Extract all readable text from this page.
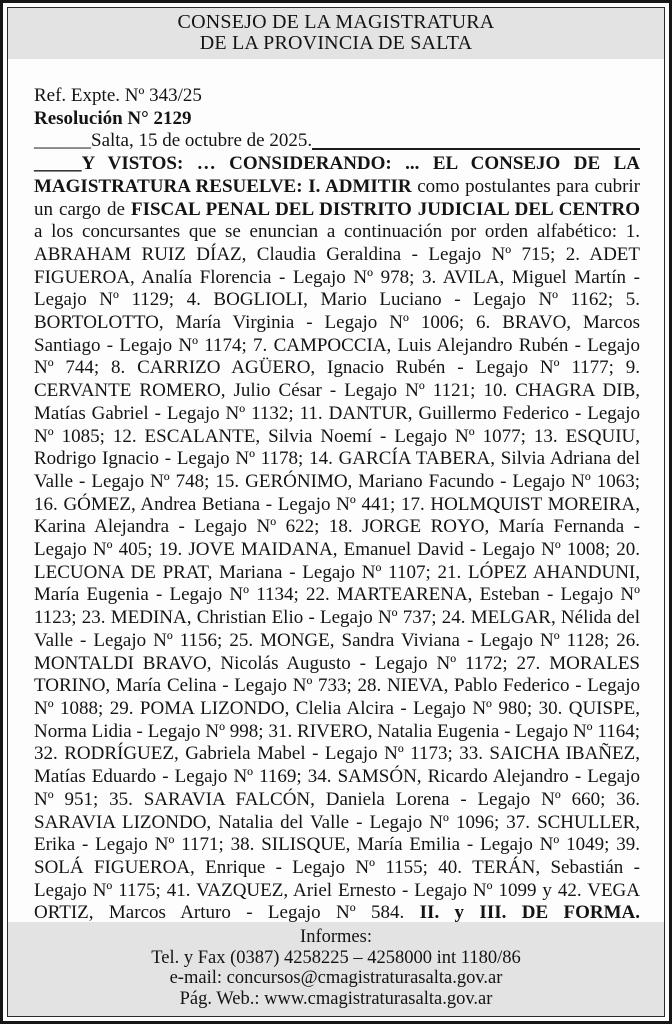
CONSEJO DE LA MAGISTRATURA
DE LA PROVINCIA DE SALTA
Ref. Expte. Nº 343/25
Resolución N° 2129
______ Salta, 15 de octubre de 2025.

_____Y VISTOS: … CONSIDERANDO: ... EL CONSEJO DE LA MAGISTRATURA RESUELVE: I. ADMITIR como postulantes para cubrir un cargo de FISCAL PENAL DEL DISTRITO JUDICIAL DEL CENTRO a los concursantes que se enuncian a continuación por orden alfabético: 1. ABRAHAM RUIZ DÍAZ, Claudia Geraldina - Legajo Nº 715; 2. ADET FIGUEROA, Analía Florencia - Legajo Nº 978; 3. AVILA, Miguel Martín - Legajo Nº 1129; 4. BOGLIOLI, Mario Luciano - Legajo Nº 1162; 5. BORTOLOTTO, María Virginia - Legajo Nº 1006; 6. BRAVO, Marcos Santiago - Legajo Nº 1174; 7. CAMPOCCIA, Luis Alejandro Rubén - Legajo Nº 744; 8. CARRIZO AGÜERO, Ignacio Rubén - Legajo Nº 1177; 9. CERVANTE ROMERO, Julio César - Legajo Nº 1121; 10. CHAGRA DIB, Matías Gabriel - Legajo Nº 1132; 11. DANTUR, Guillermo Federico - Legajo Nº 1085; 12. ESCALANTE, Silvia Noemí - Legajo Nº 1077; 13. ESQUIU, Rodrigo Ignacio - Legajo Nº 1178; 14. GARCÍA TABERA, Silvia Adriana del Valle - Legajo Nº 748; 15. GERÓNIMO, Mariano Facundo - Legajo Nº 1063; 16. GÓMEZ, Andrea Betiana - Legajo Nº 441; 17. HOLMQUIST MOREIRA, Karina Alejandra - Legajo Nº 622; 18. JORGE ROYO, María Fernanda - Legajo Nº 405; 19. JOVE MAIDANA, Emanuel David - Legajo Nº 1008; 20. LECUONA DE PRAT, Mariana - Legajo Nº 1107; 21. LÓPEZ AHANDUNI, María Eugenia - Legajo Nº 1134; 22. MARTEARENA, Esteban - Legajo Nº 1123; 23. MEDINA, Christian Elio - Legajo Nº 737; 24. MELGAR, Nélida del Valle - Legajo Nº 1156; 25. MONGE, Sandra Viviana - Legajo Nº 1128; 26. MONTALDI BRAVO, Nicolás Augusto - Legajo Nº 1172; 27. MORALES TORINO, María Celina - Legajo Nº 733; 28. NIEVA, Pablo Federico - Legajo Nº 1088; 29. POMA LIZONDO, Clelia Alcira - Legajo Nº 980; 30. QUISPE, Norma Lidia - Legajo Nº 998; 31. RIVERO, Natalia Eugenia - Legajo Nº 1164; 32. RODRÍGUEZ, Gabriela Mabel - Legajo Nº 1173; 33. SAICHA IBAÑEZ, Matías Eduardo - Legajo Nº 1169; 34. SAMSÓN, Ricardo Alejandro - Legajo Nº 951; 35. SARAVIA FALCÓN, Daniela Lorena - Legajo Nº 660; 36. SARAVIA LIZONDO, Natalia del Valle - Legajo Nº 1096; 37. SCHULLER, Erika - Legajo Nº 1171; 38. SILISQUE, María Emilia - Legajo Nº 1049; 39. SOLÁ FIGUEROA, Enrique - Legajo Nº 1155; 40. TERÁN, Sebastián - Legajo Nº 1175; 41. VAZQUEZ, Ariel Ernesto - Legajo Nº 1099 y 42. VEGA ORTIZ, Marcos Arturo - Legajo Nº 584. II. y III. DE FORMA.

Informes:
Tel. y Fax (0387) 4258225 – 4258000 int 1180/86
e-mail: concursos@cmagistraturasalta.gov.ar
Pág. Web.: www.cmagistraturasalta.gov.ar
